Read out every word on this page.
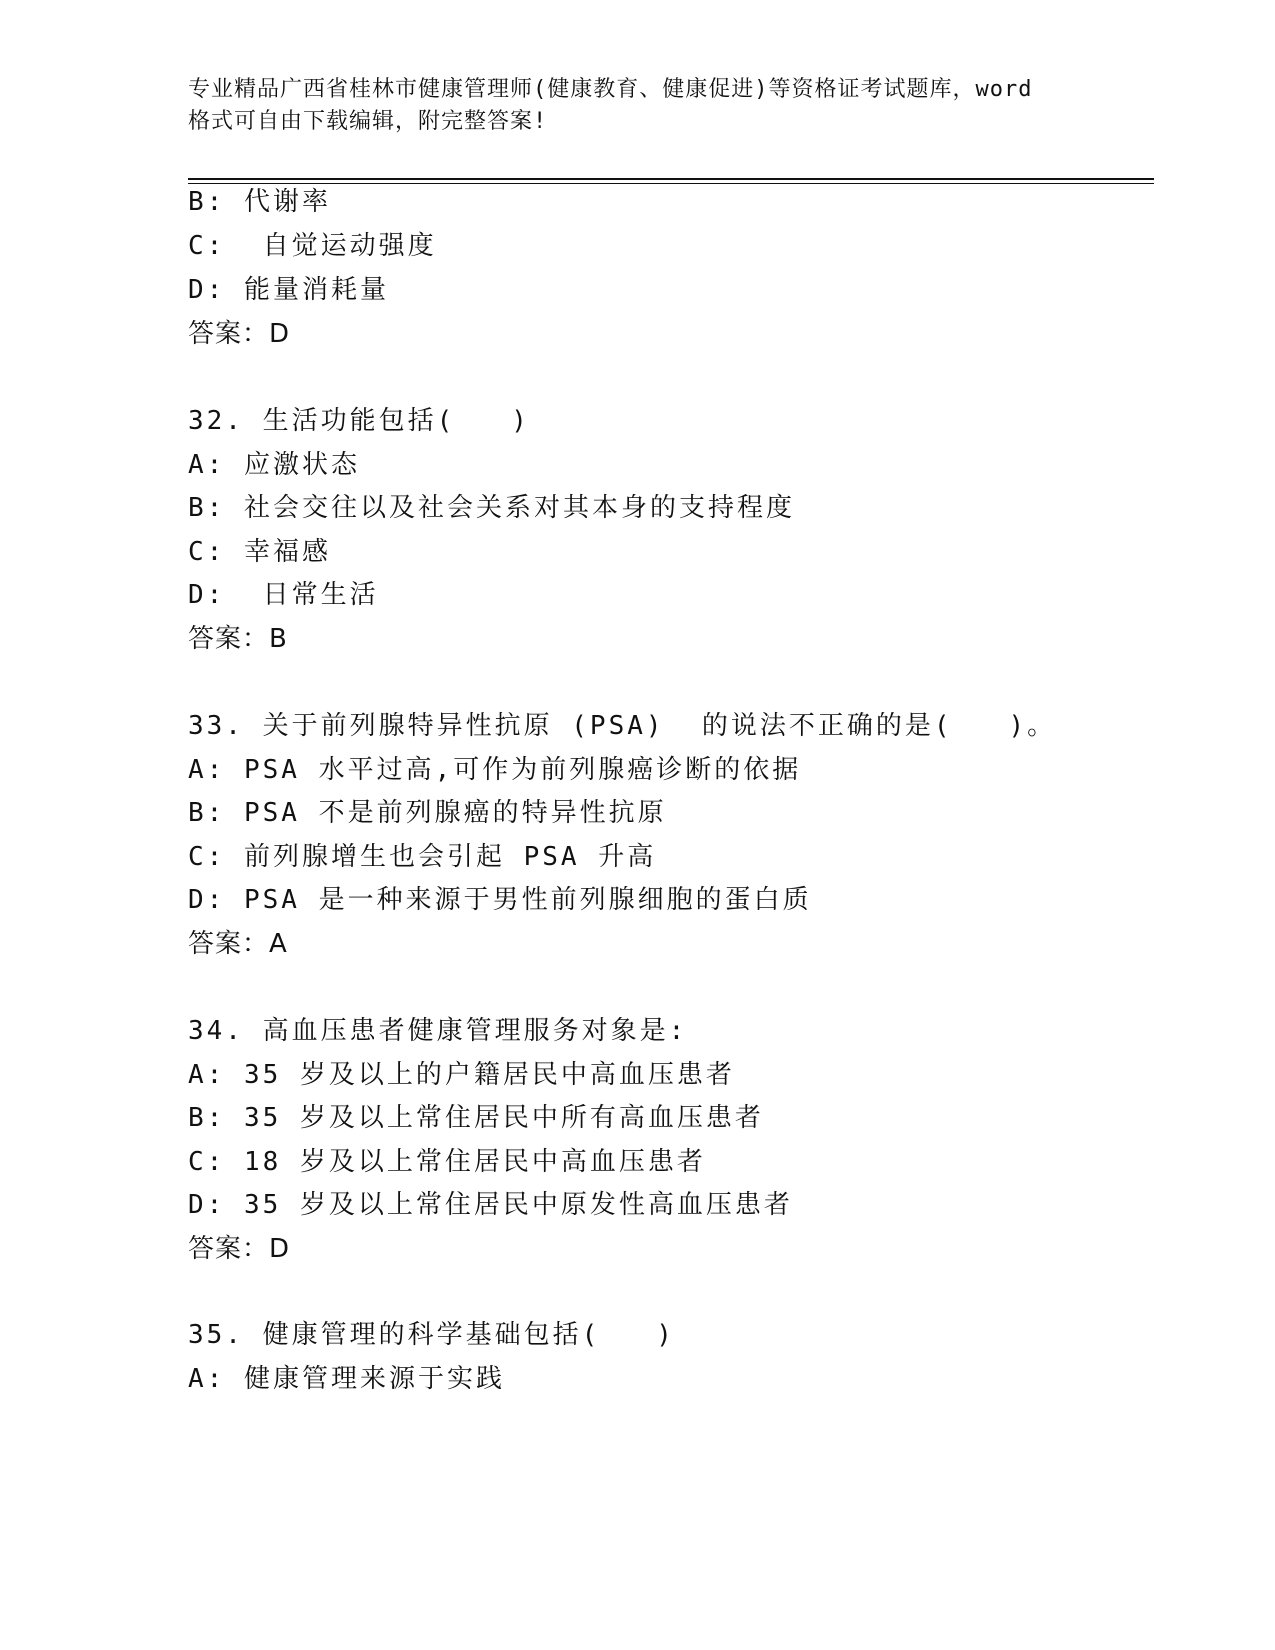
专业精品广西省桂林市健康管理师(健康教育、健康促进)等资格证考试题库，word
格式可自由下载编辑，附完整答案!
B: 代谢率
C:  自觉运动强度
D: 能量消耗量
答案：D
32. 生活功能包括(   )
A: 应激状态
B: 社会交往以及社会关系对其本身的支持程度
C: 幸福感
D:  日常生活
答案：B
33. 关于前列腺特异性抗原 (PSA)  的说法不正确的是(   )。
A: PSA 水平过高,可作为前列腺癌诊断的依据
B: PSA 不是前列腺癌的特异性抗原
C: 前列腺增生也会引起 PSA 升高
D: PSA 是一种来源于男性前列腺细胞的蛋白质
答案：A
34. 高血压患者健康管理服务对象是:
A: 35 岁及以上的户籍居民中高血压患者
B: 35 岁及以上常住居民中所有高血压患者
C: 18 岁及以上常住居民中高血压患者
D: 35 岁及以上常住居民中原发性高血压患者
答案：D
35. 健康管理的科学基础包括(   )
A: 健康管理来源于实践
